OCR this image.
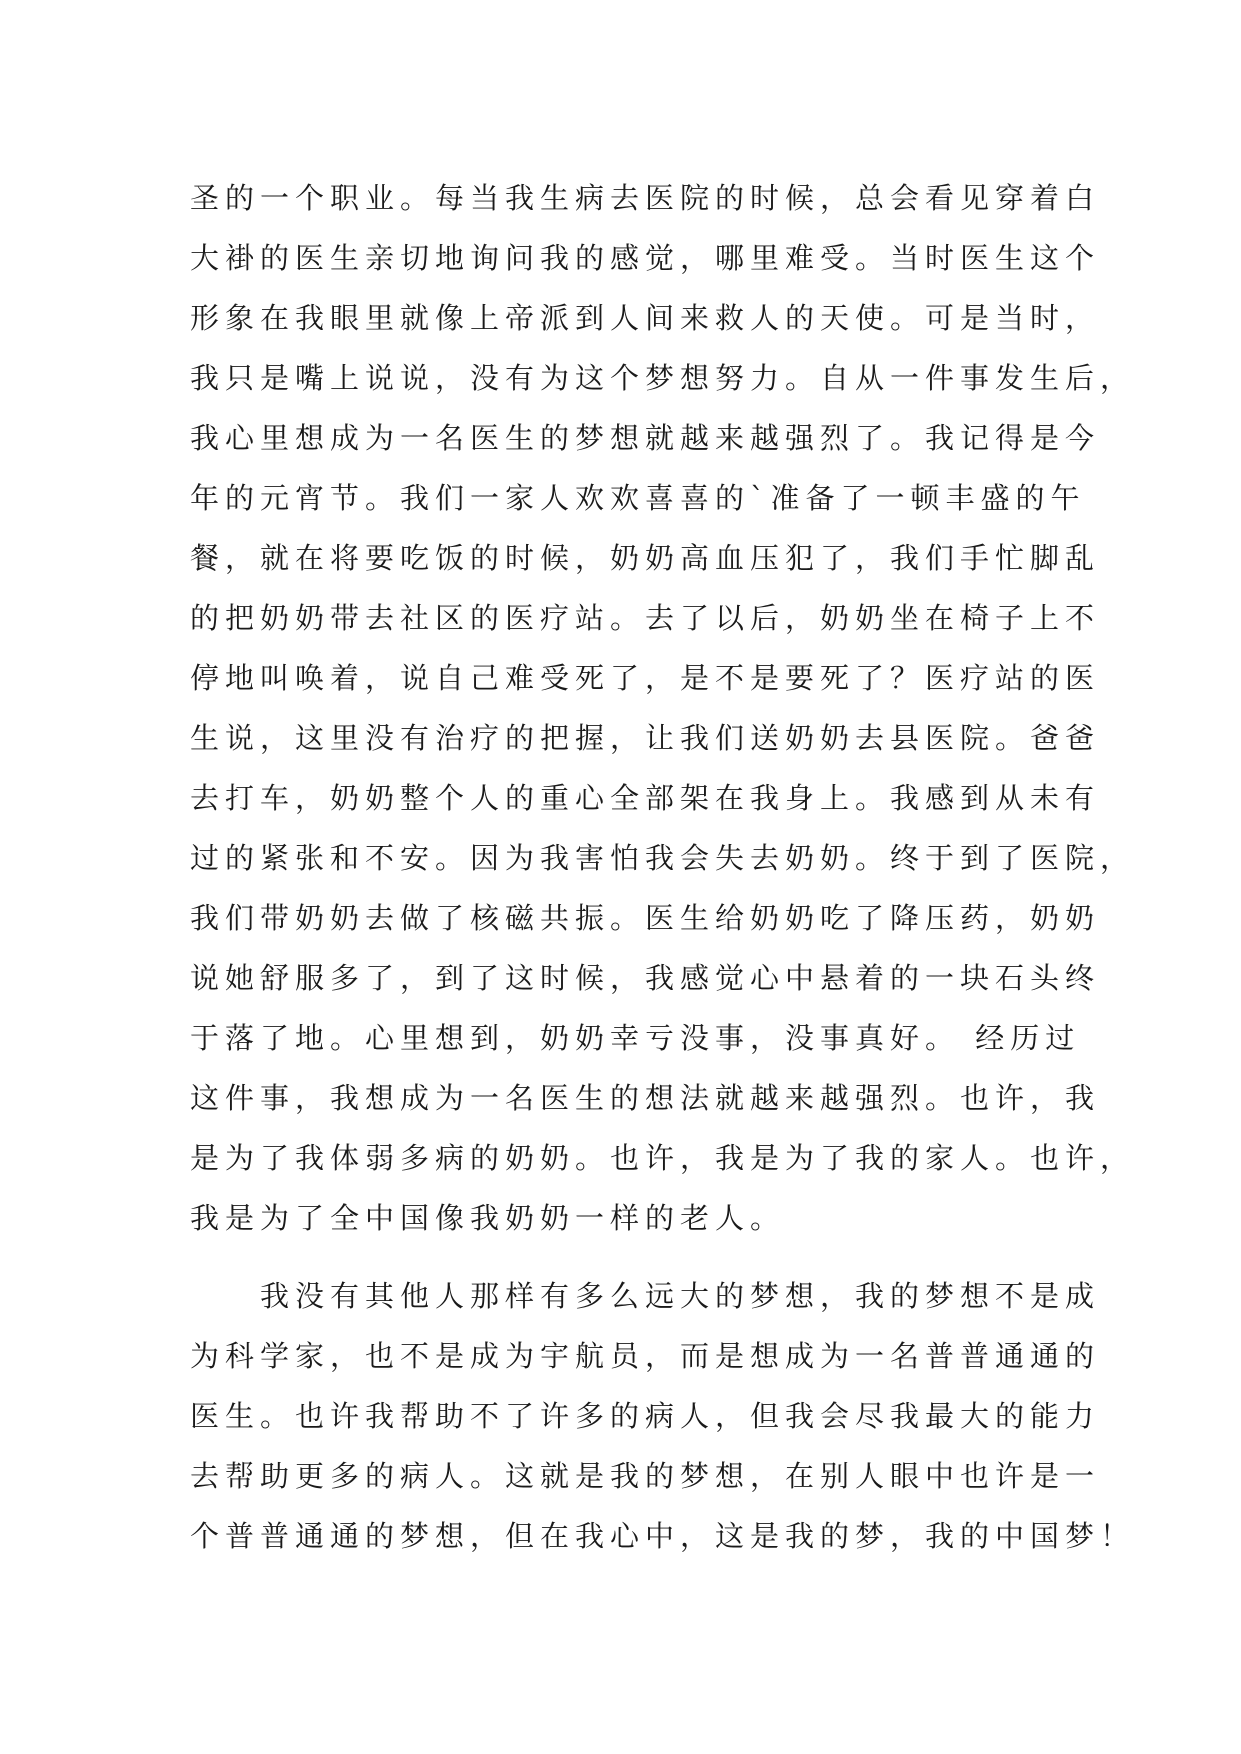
圣的一个职业。每当我生病去医院的时候，总会看见穿着白
大褂的医生亲切地询问我的感觉，哪里难受。当时医生这个
形象在我眼里就像上帝派到人间来救人的天使。可是当时，
我只是嘴上说说，没有为这个梦想努力。自从一件事发生后，
我心里想成为一名医生的梦想就越来越强烈了。我记得是今
年的元宵节。我们一家人欢欢喜喜的`准备了一顿丰盛的午
餐，就在将要吃饭的时候，奶奶高血压犯了，我们手忙脚乱
的把奶奶带去社区的医疗站。去了以后，奶奶坐在椅子上不
停地叫唤着，说自己难受死了，是不是要死了？医疗站的医
生说，这里没有治疗的把握，让我们送奶奶去县医院。爸爸
去打车，奶奶整个人的重心全部架在我身上。我感到从未有
过的紧张和不安。因为我害怕我会失去奶奶。终于到了医院，
我们带奶奶去做了核磁共振。医生给奶奶吃了降压药，奶奶
说她舒服多了，到了这时候，我感觉心中悬着的一块石头终
于落了地。心里想到，奶奶幸亏没事，没事真好。 经历过
这件事，我想成为一名医生的想法就越来越强烈。也许，我
是为了我体弱多病的奶奶。也许，我是为了我的家人。也许，
我是为了全中国像我奶奶一样的老人。
　　我没有其他人那样有多么远大的梦想，我的梦想不是成
为科学家，也不是成为宇航员，而是想成为一名普普通通的
医生。也许我帮助不了许多的病人，但我会尽我最大的能力
去帮助更多的病人。这就是我的梦想，在别人眼中也许是一
个普普通通的梦想，但在我心中，这是我的梦，我的中国梦！
